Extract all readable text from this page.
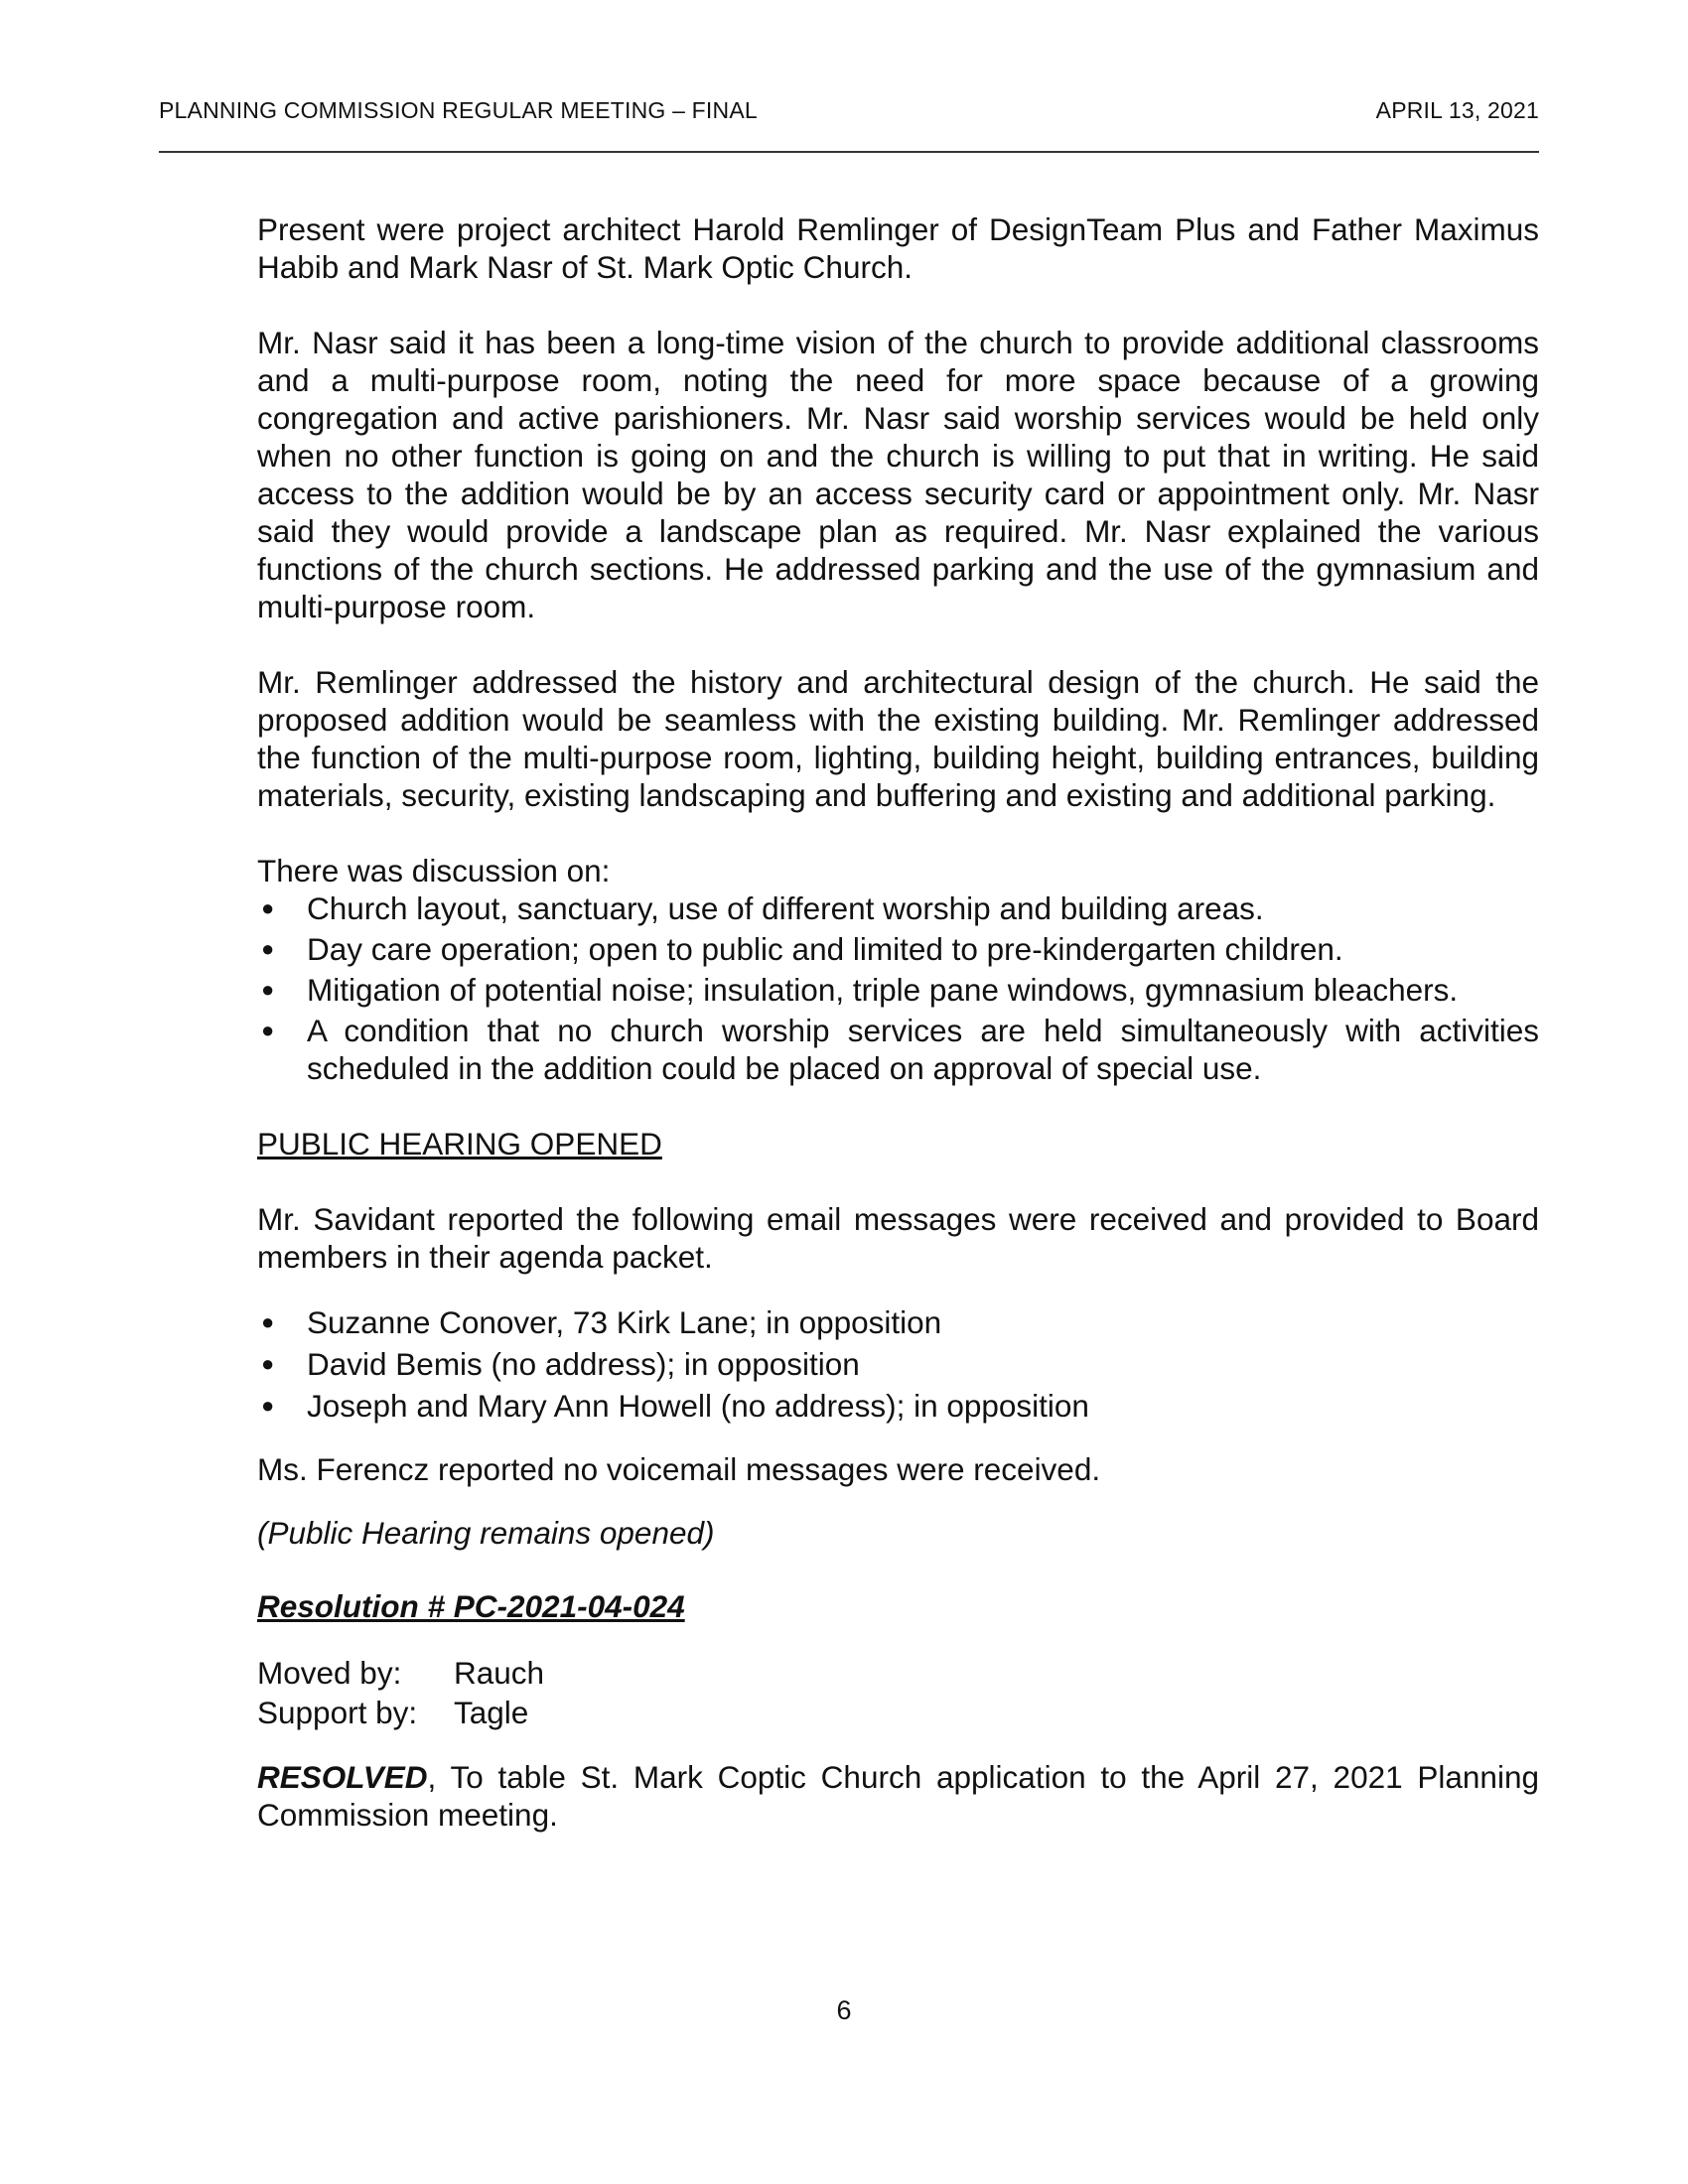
PLANNING COMMISSION REGULAR MEETING – FINAL	APRIL 13, 2021

Present were project architect Harold Remlinger of DesignTeam Plus and Father Maximus Habib and Mark Nasr of St. Mark Optic Church.

Mr. Nasr said it has been a long-time vision of the church to provide additional classrooms and a multi-purpose room, noting the need for more space because of a growing congregation and active parishioners. Mr. Nasr said worship services would be held only when no other function is going on and the church is willing to put that in writing. He said access to the addition would be by an access security card or appointment only. Mr. Nasr said they would provide a landscape plan as required. Mr. Nasr explained the various functions of the church sections. He addressed parking and the use of the gymnasium and multi-purpose room.

Mr. Remlinger addressed the history and architectural design of the church. He said the proposed addition would be seamless with the existing building. Mr. Remlinger addressed the function of the multi-purpose room, lighting, building height, building entrances, building materials, security, existing landscaping and buffering and existing and additional parking.

There was discussion on:

● Church layout, sanctuary, use of different worship and building areas.
● Day care operation; open to public and limited to pre-kindergarten children.
● Mitigation of potential noise; insulation, triple pane windows, gymnasium bleachers.
● A condition that no church worship services are held simultaneously with activities scheduled in the addition could be placed on approval of special use.

PUBLIC HEARING OPENED

Mr. Savidant reported the following email messages were received and provided to Board members in their agenda packet.

● Suzanne Conover, 73 Kirk Lane; in opposition
● David Bemis (no address); in opposition
● Joseph and Mary Ann Howell (no address); in opposition

Ms. Ferencz reported no voicemail messages were received.

(Public Hearing remains opened)

Resolution # PC-2021-04-024

Moved by:	Rauch
Support by:	Tagle

RESOLVED, To table St. Mark Coptic Church application to the April 27, 2021 Planning Commission meeting.

6
